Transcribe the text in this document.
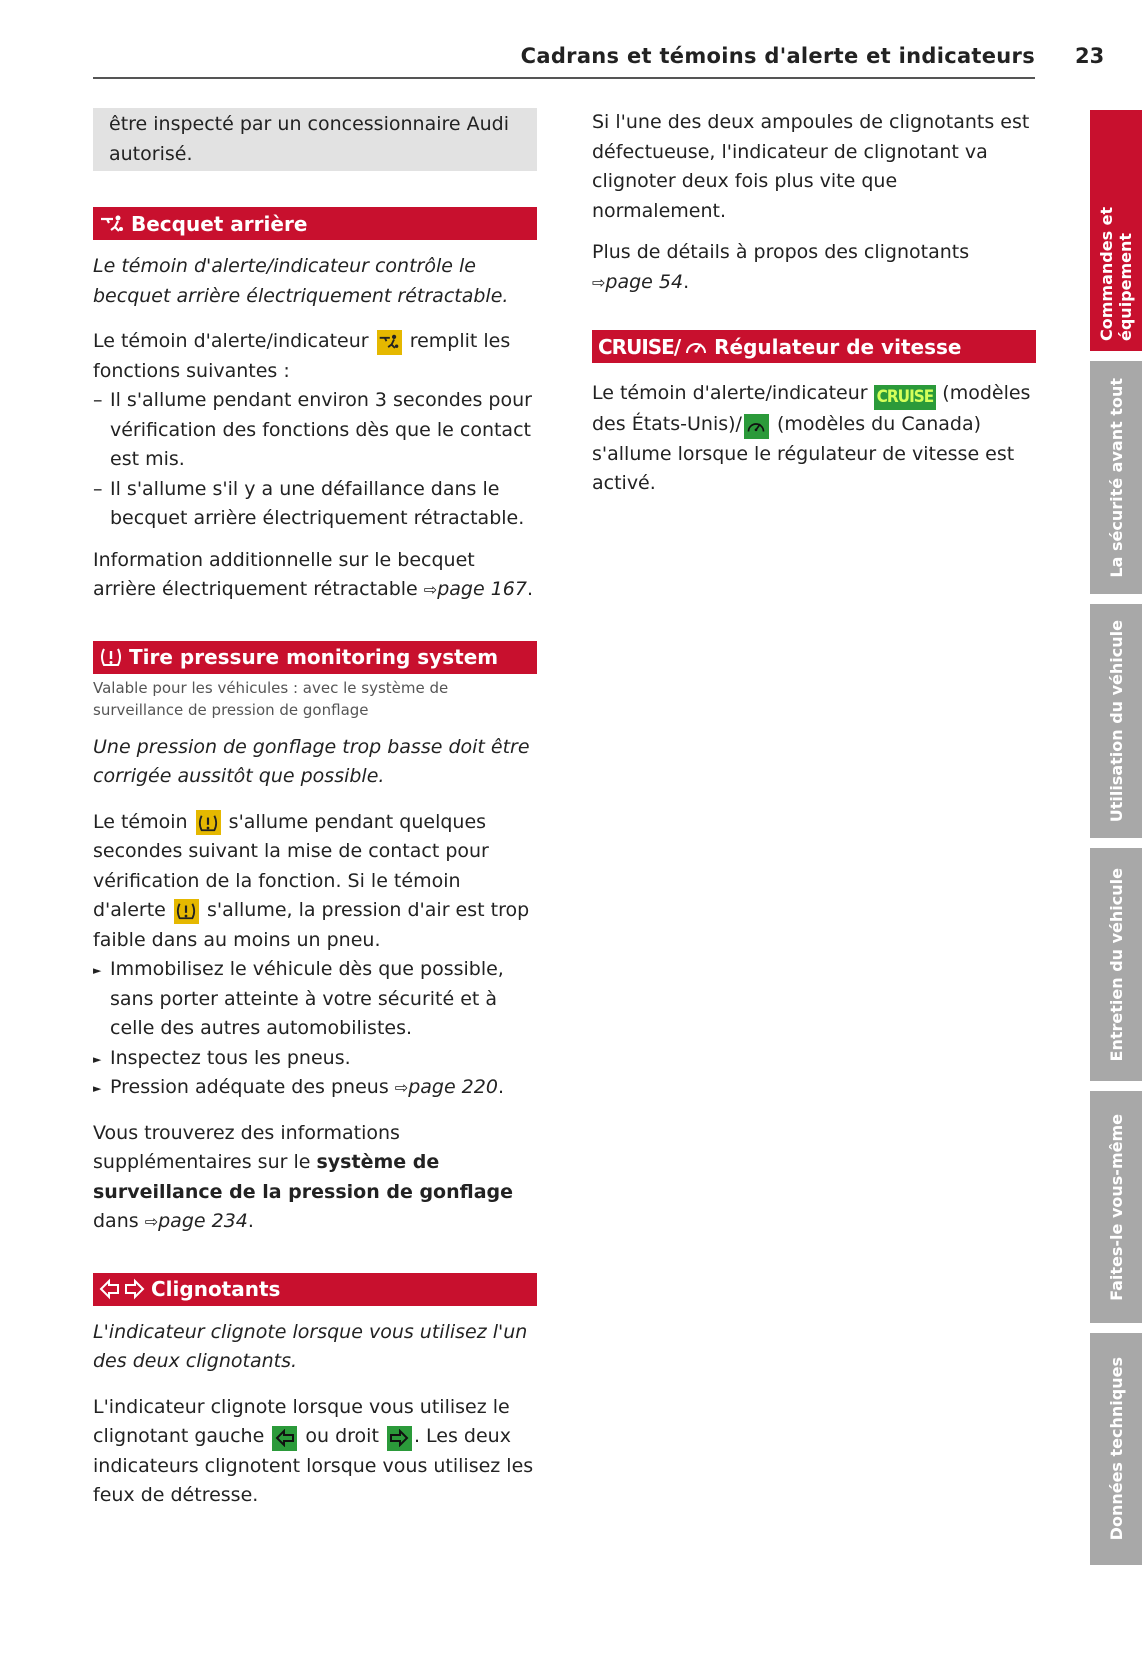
Cadrans et témoins d'alerte et indicateurs 23
être inspecté par un concessionnaire Audi autorisé.
Becquet arrière

Le témoin d'alerte/indicateur contrôle le becquet arrière électriquement rétractable.

Le témoin d'alerte/indicateur remplit les fonctions suivantes :

– Il s'allume pendant environ 3 secondes pour vérification des fonctions dès que le contact est mis.
– Il s'allume s'il y a une défaillance dans le becquet arrière électriquement rétractable.

Information additionnelle sur le becquet arrière électriquement rétractable ⇨page 167.

Tire pressure monitoring system
Valable pour les véhicules : avec le système de surveillance de pression de gonflage

Une pression de gonflage trop basse doit être corrigée aussitôt que possible.

Le témoin s'allume pendant quelques secondes suivant la mise de contact pour vérification de la fonction. Si le témoin d'alerte s'allume, la pression d'air est trop faible dans au moins un pneu.

► Immobilisez le véhicule dès que possible, sans porter atteinte à votre sécurité et à celle des autres automobilistes.
► Inspectez tous les pneus.
► Pression adéquate des pneus ⇨page 220.

Vous trouverez des informations supplémentaires sur le système de surveillance de la pression de gonflage dans ⇨page 234.

Clignotants

L'indicateur clignote lorsque vous utilisez l'un des deux clignotants.

L'indicateur clignote lorsque vous utilisez le clignotant gauche ou droit . Les deux indicateurs clignotent lorsque vous utilisez les feux de détresse.

Si l'une des deux ampoules de clignotants est défectueuse, l'indicateur de clignotant va clignoter deux fois plus vite que normalement.

Plus de détails à propos des clignotants ⇨page 54.

CRUISE/ Régulateur de vitesse

Le témoin d'alerte/indicateur CRUISE (modèles des États-Unis)/ (modèles du Canada) s'allume lorsque le régulateur de vitesse est activé.

Commandes et équipement
La sécurité avant tout
Utilisation du véhicule
Entretien du véhicule
Faites-le vous-même
Données techniques
